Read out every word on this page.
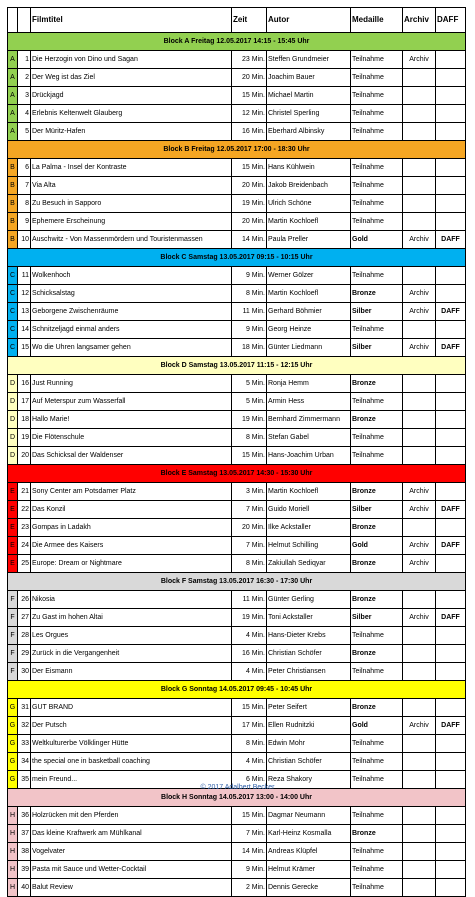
		Filmtitel	Zeit	Autor	Medaille	Archiv	DAFF
Block A Freitag 12.05.2017 14:15 - 15:45 Uhr							
A	1	Die Herzogin von Dino und Sagan	23 Min.	Steffen Grundmeier	Teilnahme	Archiv	
A	2	Der Weg ist das Ziel	20 Min.	Joachim Bauer	Teilnahme		
A	3	Drückjagd	15 Min.	Michael Martin	Teilnahme		
A	4	Erlebnis Keltenwelt Glauberg	12 Min.	Christel Sperling	Teilnahme		
A	5	Der Müritz-Hafen	16 Min.	Eberhard Albinsky	Teilnahme		
Block B Freitag 12.05.2017 17:00 - 18:30 Uhr							
B	6	La Palma - Insel der Kontraste	15 Min.	Hans Kühlwein	Teilnahme		
B	7	Via Alta	20 Min.	Jakob Breidenbach	Teilnahme		
B	8	Zu Besuch in Sapporo	19 Min.	Ulrich Schöne	Teilnahme		
B	9	Ephemere Erscheinung	20 Min.	Martin Kochloefl	Teilnahme		
B	10	Auschwitz - Von Massenmördern und Touristenmassen	14 Min.	Paula Preller	Gold	Archiv	DAFF
Block C Samstag 13.05.2017 09:15 - 10:15 Uhr							
C	11	Wolkenhoch	9 Min.	Werner Gölzer	Teilnahme		
C	12	Schicksalstag	8 Min.	Martin Kochloefl	Bronze	Archiv	
C	13	Geborgene Zwischenräume	11 Min.	Gerhard Böhmier	Silber	Archiv	DAFF
C	14	Schnitzeljagd einmal anders	9 Min.	Georg Heinze	Teilnahme		
C	15	Wo die Uhren langsamer gehen	18 Min.	Günter Liedmann	Silber	Archiv	DAFF
Block D Samstag 13.05.2017 11:15 - 12:15 Uhr							
D	16	Just Running	5 Min.	Ronja Hemm	Bronze		
D	17	Auf Meterspur zum Wasserfall	5 Min.	Armin Hess	Teilnahme		
D	18	Hallo Marie!	19 Min.	Bernhard Zimmermann	Bronze		
D	19	Die Flötenschule	8 Min.	Stefan Gabel	Teilnahme		
D	20	Das Schicksal der Waldenser	15 Min.	Hans-Joachim Urban	Teilnahme		
Block E Samstag 13.05.2017 14:30 - 15:30 Uhr							
E	21	Sony Center am Potsdamer Platz	3 Min.	Martin Kochloefl	Bronze	Archiv	
E	22	Das Konzil	7 Min.	Guido Moriell	Silber	Archiv	DAFF
E	23	Gompas in Ladakh	20 Min.	Ilke Ackstaller	Bronze		
E	24	Die Armee des Kaisers	7 Min.	Helmut Schilling	Gold	Archiv	DAFF
E	25	Europe: Dream or Nightmare	8 Min.	Zakiullah Sediqyar	Bronze	Archiv	
Block F Samstag 13.05.2017 16:30 - 17:30 Uhr							
F	26	Nikosia	11 Min.	Günter Gerling	Bronze		
F	27	Zu Gast im hohen Altai	19 Min.	Toni Ackstaller	Silber	Archiv	DAFF
F	28	Les Orgues	4 Min.	Hans-Dieter Krebs	Teilnahme		
F	29	Zurück in die Vergangenheit	16 Min.	Christian Schöfer	Bronze		
F	30	Der Eismann	4 Min.	Peter Christiansen	Teilnahme		
Block G Sonntag 14.05.2017 09:45 - 10:45 Uhr							
G	31	GUT BRAND	15 Min.	Peter Seifert	Bronze		
G	32	Der Putsch	17 Min.	Ellen Rudnitzki	Gold	Archiv	DAFF
G	33	Weltkulturerbe Völklinger Hütte	8 Min.	Edwin Mohr	Teilnahme		
G	34	the special one in basketball coaching	4 Min.	Christian Schöfer	Teilnahme		
G	35	mein Freund...	6 Min.	Reza Shakory	Teilnahme		
Block H Sonntag 14.05.2017 13:00 - 14:00 Uhr							
H	36	Holzrücken mit den Pferden	15 Min.	Dagmar Neumann	Teilnahme		
H	37	Das kleine Kraftwerk am Mühlkanal	7 Min.	Karl-Heinz Kosmalla	Bronze		
H	38	Vogelvater	14 Min.	Andreas Klüpfel	Teilnahme		
H	39	Pasta mit Sauce und Wetter-Cocktail	9 Min.	Helmut Krämer	Teilnahme		
H	40	Balut Review	2 Min.	Dennis Gerecke	Teilnahme		
© 2017 Adalbert Becker
